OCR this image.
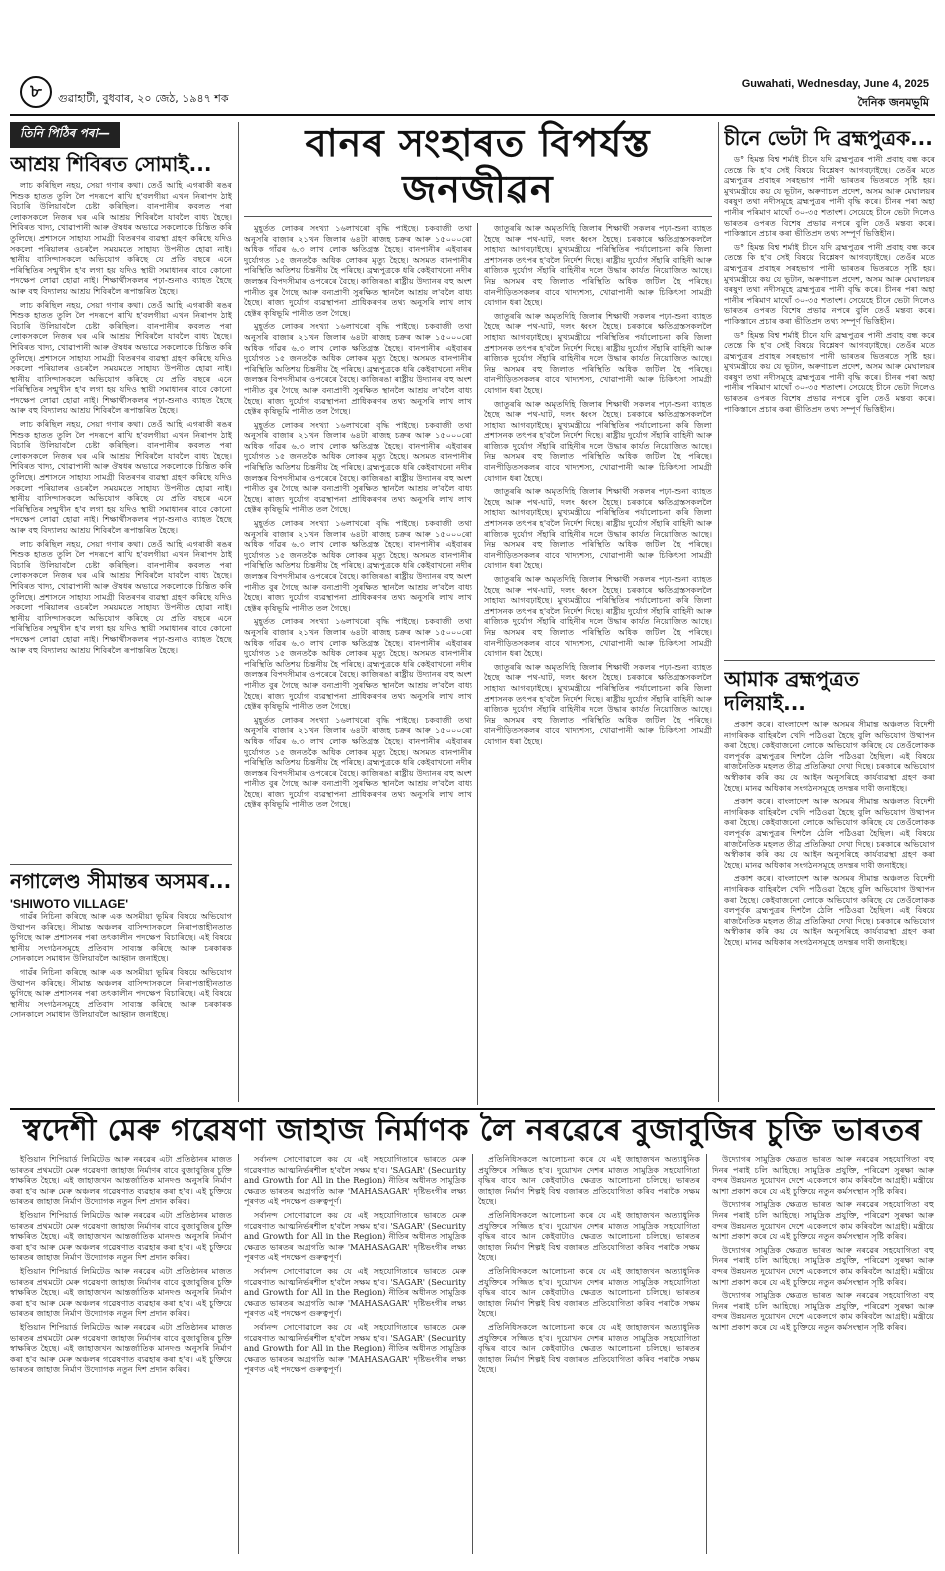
৮	গুৱাহাটী, বুধবাৰ, ২০ জেঠ, ১৯৪৭ শক
Guwahati, Wednesday, June 4, 2025
দৈনিক জনমভূমি
তিনি পিঠিৰ পৰা—
আশ্ৰয় শিবিৰত সোমাই...

লাচ কৰিছিল নহয়, সেয়া গণাৰ কথা। তেওঁ আহি এগৰাকী ৰঙৰ শিশুক হাতত তুলি লৈ পদৰূপে ৰাখি হ'বলগীয়া এখন নিৰাপদ ঠাই বিচাৰি উলিয়াবলৈ চেষ্টা কৰিছিল। বানপানীৰ কবলত পৰা লোকসকলে নিজৰ ঘৰ এৰি আশ্ৰয় শিবিৰলৈ যাবলৈ বাধ্য হৈছে। শিবিৰত খাদ্য, খোৱাপানী আৰু ঔষধৰ অভাৱে সকলোকে চিন্তিত কৰি তুলিছে। প্ৰশাসনে সাহায্য সামগ্ৰী বিতৰণৰ ব্যৱস্থা গ্ৰহণ কৰিছে যদিও সকলো পৰিয়ালৰ ওচৰলৈ সময়মতে সাহায্য উপনীত হোৱা নাই। স্থানীয় বাসিন্দাসকলে অভিযোগ কৰিছে যে প্ৰতি বছৰে এনে পৰিস্থিতিৰ সন্মুখীন হ'ব লগা হয় যদিও স্থায়ী সমাধানৰ বাবে কোনো পদক্ষেপ লোৱা হোৱা নাই। শিক্ষাৰ্থীসকলৰ পঢ়া-শুনাও ব্যাহত হৈছে আৰু বহু বিদ্যালয় আশ্ৰয় শিবিৰলৈ ৰূপান্তৰিত হৈছে।

লাচ কৰিছিল নহয়, সেয়া গণাৰ কথা। তেওঁ আহি এগৰাকী ৰঙৰ শিশুক হাতত তুলি লৈ পদৰূপে ৰাখি হ'বলগীয়া এখন নিৰাপদ ঠাই বিচাৰি উলিয়াবলৈ চেষ্টা কৰিছিল। বানপানীৰ কবলত পৰা লোকসকলে নিজৰ ঘৰ এৰি আশ্ৰয় শিবিৰলৈ যাবলৈ বাধ্য হৈছে। শিবিৰত খাদ্য, খোৱাপানী আৰু ঔষধৰ অভাৱে সকলোকে চিন্তিত কৰি তুলিছে। প্ৰশাসনে সাহায্য সামগ্ৰী বিতৰণৰ ব্যৱস্থা গ্ৰহণ কৰিছে যদিও সকলো পৰিয়ালৰ ওচৰলৈ সময়মতে সাহায্য উপনীত হোৱা নাই। স্থানীয় বাসিন্দাসকলে অভিযোগ কৰিছে যে প্ৰতি বছৰে এনে পৰিস্থিতিৰ সন্মুখীন হ'ব লগা হয় যদিও স্থায়ী সমাধানৰ বাবে কোনো পদক্ষেপ লোৱা হোৱা নাই। শিক্ষাৰ্থীসকলৰ পঢ়া-শুনাও ব্যাহত হৈছে আৰু বহু বিদ্যালয় আশ্ৰয় শিবিৰলৈ ৰূপান্তৰিত হৈছে।

লাচ কৰিছিল নহয়, সেয়া গণাৰ কথা। তেওঁ আহি এগৰাকী ৰঙৰ শিশুক হাতত তুলি লৈ পদৰূপে ৰাখি হ'বলগীয়া এখন নিৰাপদ ঠাই বিচাৰি উলিয়াবলৈ চেষ্টা কৰিছিল। বানপানীৰ কবলত পৰা লোকসকলে নিজৰ ঘৰ এৰি আশ্ৰয় শিবিৰলৈ যাবলৈ বাধ্য হৈছে। শিবিৰত খাদ্য, খোৱাপানী আৰু ঔষধৰ অভাৱে সকলোকে চিন্তিত কৰি তুলিছে। প্ৰশাসনে সাহায্য সামগ্ৰী বিতৰণৰ ব্যৱস্থা গ্ৰহণ কৰিছে যদিও সকলো পৰিয়ালৰ ওচৰলৈ সময়মতে সাহায্য উপনীত হোৱা নাই। স্থানীয় বাসিন্দাসকলে অভিযোগ কৰিছে যে প্ৰতি বছৰে এনে পৰিস্থিতিৰ সন্মুখীন হ'ব লগা হয় যদিও স্থায়ী সমাধানৰ বাবে কোনো পদক্ষেপ লোৱা হোৱা নাই। শিক্ষাৰ্থীসকলৰ পঢ়া-শুনাও ব্যাহত হৈছে আৰু বহু বিদ্যালয় আশ্ৰয় শিবিৰলৈ ৰূপান্তৰিত হৈছে।

লাচ কৰিছিল নহয়, সেয়া গণাৰ কথা। তেওঁ আহি এগৰাকী ৰঙৰ শিশুক হাতত তুলি লৈ পদৰূপে ৰাখি হ'বলগীয়া এখন নিৰাপদ ঠাই বিচাৰি উলিয়াবলৈ চেষ্টা কৰিছিল। বানপানীৰ কবলত পৰা লোকসকলে নিজৰ ঘৰ এৰি আশ্ৰয় শিবিৰলৈ যাবলৈ বাধ্য হৈছে। শিবিৰত খাদ্য, খোৱাপানী আৰু ঔষধৰ অভাৱে সকলোকে চিন্তিত কৰি তুলিছে। প্ৰশাসনে সাহায্য সামগ্ৰী বিতৰণৰ ব্যৱস্থা গ্ৰহণ কৰিছে যদিও সকলো পৰিয়ালৰ ওচৰলৈ সময়মতে সাহায্য উপনীত হোৱা নাই। স্থানীয় বাসিন্দাসকলে অভিযোগ কৰিছে যে প্ৰতি বছৰে এনে পৰিস্থিতিৰ সন্মুখীন হ'ব লগা হয় যদিও স্থায়ী সমাধানৰ বাবে কোনো পদক্ষেপ লোৱা হোৱা নাই। শিক্ষাৰ্থীসকলৰ পঢ়া-শুনাও ব্যাহত হৈছে আৰু বহু বিদ্যালয় আশ্ৰয় শিবিৰলৈ ৰূপান্তৰিত হৈছে।

নগালেণ্ড সীমান্তৰ অসমৰ...
'SHIWOTO VILLAGE'

গাৱঁৰ নিচিনা কৰিছে আৰু এক অসমীয়া ভূমিৰ বিষয়ে অভিযোগ উত্থাপন কৰিছে। সীমান্ত অঞ্চলৰ বাসিন্দাসকলে নিৰাপত্তাহীনতাত ভুগিছে আৰু প্ৰশাসনৰ পৰা তৎকালীন পদক্ষেপ বিচাৰিছে। এই বিষয়ে স্থানীয় সংগঠনসমূহে প্ৰতিবাদ সাব্যস্ত কৰিছে আৰু চৰকাৰক সোনকালে সমাধান উলিয়াবলৈ আহ্বান জনাইছে।

গাৱঁৰ নিচিনা কৰিছে আৰু এক অসমীয়া ভূমিৰ বিষয়ে অভিযোগ উত্থাপন কৰিছে। সীমান্ত অঞ্চলৰ বাসিন্দাসকলে নিৰাপত্তাহীনতাত ভুগিছে আৰু প্ৰশাসনৰ পৰা তৎকালীন পদক্ষেপ বিচাৰিছে। এই বিষয়ে স্থানীয় সংগঠনসমূহে প্ৰতিবাদ সাব্যস্ত কৰিছে আৰু চৰকাৰক সোনকালে সমাধান উলিয়াবলৈ আহ্বান জনাইছে।

বানৰ সংহাৰত বিপৰ্যস্ত জনজীৱন

মুহূৰ্তত লোকৰ সংখ্যা ১৬লাখৰো বৃদ্ধি পাইছে। চকবাজী তথা অনুসৰি বাজাৰ ২১খন জিলাৰ ৬৪টা ৰাজহ চক্ৰৰ আৰু ১৫০০০ৰো অধিক গাঁৱৰ ৬.৩ লাখ লোক ক্ষতিগ্ৰস্ত হৈছে। বানপানীৰ এইবাৰৰ দুৰ্যোগত ১৫ জনতকৈ অধিক লোকৰ মৃত্যু হৈছে। অসমত বানপানীৰ পৰিস্থিতি অতিশয় চিন্তনীয় হৈ পৰিছে। ব্ৰহ্মপুত্ৰকে ধৰি কেইবাখনো নদীৰ জলস্তৰ বিপদসীমাৰ ওপৰেৰে বৈছে। কাজিৰঙা ৰাষ্ট্ৰীয় উদ্যানৰ বহু অংশ পানীত বুৰ গৈছে আৰু বন্যপ্ৰাণী সুৰক্ষিত স্থানলৈ আশ্ৰয় ল'বলৈ বাধ্য হৈছে। ৰাজ্য দুৰ্যোগ ব্যৱস্থাপনা প্ৰাধিকৰণৰ তথ্য অনুসৰি লাখ লাখ হেক্টৰ কৃষিভূমি পানীত তল গৈছে।

মুহূৰ্তত লোকৰ সংখ্যা ১৬লাখৰো বৃদ্ধি পাইছে। চকবাজী তথা অনুসৰি বাজাৰ ২১খন জিলাৰ ৬৪টা ৰাজহ চক্ৰৰ আৰু ১৫০০০ৰো অধিক গাঁৱৰ ৬.৩ লাখ লোক ক্ষতিগ্ৰস্ত হৈছে। বানপানীৰ এইবাৰৰ দুৰ্যোগত ১৫ জনতকৈ অধিক লোকৰ মৃত্যু হৈছে। অসমত বানপানীৰ পৰিস্থিতি অতিশয় চিন্তনীয় হৈ পৰিছে। ব্ৰহ্মপুত্ৰকে ধৰি কেইবাখনো নদীৰ জলস্তৰ বিপদসীমাৰ ওপৰেৰে বৈছে। কাজিৰঙা ৰাষ্ট্ৰীয় উদ্যানৰ বহু অংশ পানীত বুৰ গৈছে আৰু বন্যপ্ৰাণী সুৰক্ষিত স্থানলৈ আশ্ৰয় ল'বলৈ বাধ্য হৈছে। ৰাজ্য দুৰ্যোগ ব্যৱস্থাপনা প্ৰাধিকৰণৰ তথ্য অনুসৰি লাখ লাখ হেক্টৰ কৃষিভূমি পানীত তল গৈছে।

মুহূৰ্তত লোকৰ সংখ্যা ১৬লাখৰো বৃদ্ধি পাইছে। চকবাজী তথা অনুসৰি বাজাৰ ২১খন জিলাৰ ৬৪টা ৰাজহ চক্ৰৰ আৰু ১৫০০০ৰো অধিক গাঁৱৰ ৬.৩ লাখ লোক ক্ষতিগ্ৰস্ত হৈছে। বানপানীৰ এইবাৰৰ দুৰ্যোগত ১৫ জনতকৈ অধিক লোকৰ মৃত্যু হৈছে। অসমত বানপানীৰ পৰিস্থিতি অতিশয় চিন্তনীয় হৈ পৰিছে। ব্ৰহ্মপুত্ৰকে ধৰি কেইবাখনো নদীৰ জলস্তৰ বিপদসীমাৰ ওপৰেৰে বৈছে। কাজিৰঙা ৰাষ্ট্ৰীয় উদ্যানৰ বহু অংশ পানীত বুৰ গৈছে আৰু বন্যপ্ৰাণী সুৰক্ষিত স্থানলৈ আশ্ৰয় ল'বলৈ বাধ্য হৈছে। ৰাজ্য দুৰ্যোগ ব্যৱস্থাপনা প্ৰাধিকৰণৰ তথ্য অনুসৰি লাখ লাখ হেক্টৰ কৃষিভূমি পানীত তল গৈছে।

মুহূৰ্তত লোকৰ সংখ্যা ১৬লাখৰো বৃদ্ধি পাইছে। চকবাজী তথা অনুসৰি বাজাৰ ২১খন জিলাৰ ৬৪টা ৰাজহ চক্ৰৰ আৰু ১৫০০০ৰো অধিক গাঁৱৰ ৬.৩ লাখ লোক ক্ষতিগ্ৰস্ত হৈছে। বানপানীৰ এইবাৰৰ দুৰ্যোগত ১৫ জনতকৈ অধিক লোকৰ মৃত্যু হৈছে। অসমত বানপানীৰ পৰিস্থিতি অতিশয় চিন্তনীয় হৈ পৰিছে। ব্ৰহ্মপুত্ৰকে ধৰি কেইবাখনো নদীৰ জলস্তৰ বিপদসীমাৰ ওপৰেৰে বৈছে। কাজিৰঙা ৰাষ্ট্ৰীয় উদ্যানৰ বহু অংশ পানীত বুৰ গৈছে আৰু বন্যপ্ৰাণী সুৰক্ষিত স্থানলৈ আশ্ৰয় ল'বলৈ বাধ্য হৈছে। ৰাজ্য দুৰ্যোগ ব্যৱস্থাপনা প্ৰাধিকৰণৰ তথ্য অনুসৰি লাখ লাখ হেক্টৰ কৃষিভূমি পানীত তল গৈছে।

মুহূৰ্তত লোকৰ সংখ্যা ১৬লাখৰো বৃদ্ধি পাইছে। চকবাজী তথা অনুসৰি বাজাৰ ২১খন জিলাৰ ৬৪টা ৰাজহ চক্ৰৰ আৰু ১৫০০০ৰো অধিক গাঁৱৰ ৬.৩ লাখ লোক ক্ষতিগ্ৰস্ত হৈছে। বানপানীৰ এইবাৰৰ দুৰ্যোগত ১৫ জনতকৈ অধিক লোকৰ মৃত্যু হৈছে। অসমত বানপানীৰ পৰিস্থিতি অতিশয় চিন্তনীয় হৈ পৰিছে। ব্ৰহ্মপুত্ৰকে ধৰি কেইবাখনো নদীৰ জলস্তৰ বিপদসীমাৰ ওপৰেৰে বৈছে। কাজিৰঙা ৰাষ্ট্ৰীয় উদ্যানৰ বহু অংশ পানীত বুৰ গৈছে আৰু বন্যপ্ৰাণী সুৰক্ষিত স্থানলৈ আশ্ৰয় ল'বলৈ বাধ্য হৈছে। ৰাজ্য দুৰ্যোগ ব্যৱস্থাপনা প্ৰাধিকৰণৰ তথ্য অনুসৰি লাখ লাখ হেক্টৰ কৃষিভূমি পানীত তল গৈছে।

মুহূৰ্তত লোকৰ সংখ্যা ১৬লাখৰো বৃদ্ধি পাইছে। চকবাজী তথা অনুসৰি বাজাৰ ২১খন জিলাৰ ৬৪টা ৰাজহ চক্ৰৰ আৰু ১৫০০০ৰো অধিক গাঁৱৰ ৬.৩ লাখ লোক ক্ষতিগ্ৰস্ত হৈছে। বানপানীৰ এইবাৰৰ দুৰ্যোগত ১৫ জনতকৈ অধিক লোকৰ মৃত্যু হৈছে। অসমত বানপানীৰ পৰিস্থিতি অতিশয় চিন্তনীয় হৈ পৰিছে। ব্ৰহ্মপুত্ৰকে ধৰি কেইবাখনো নদীৰ জলস্তৰ বিপদসীমাৰ ওপৰেৰে বৈছে। কাজিৰঙা ৰাষ্ট্ৰীয় উদ্যানৰ বহু অংশ পানীত বুৰ গৈছে আৰু বন্যপ্ৰাণী সুৰক্ষিত স্থানলৈ আশ্ৰয় ল'বলৈ বাধ্য হৈছে। ৰাজ্য দুৰ্যোগ ব্যৱস্থাপনা প্ৰাধিকৰণৰ তথ্য অনুসৰি লাখ লাখ হেক্টৰ কৃষিভূমি পানীত তল গৈছে।

জাতুৰৰি আৰু অমৃতদিহি জিলাৰ শিক্ষাৰ্থী সকলৰ পঢ়া-শুনা ব্যাহত হৈছে আৰু পথ-ঘাট, দলং ধ্বংস হৈছে। চৰকাৰে ক্ষতিগ্ৰস্তসকললৈ সাহায্য আগবঢ়াইছে। মুখ্যমন্ত্ৰীয়ে পৰিস্থিতিৰ পৰ্যালোচনা কৰি জিলা প্ৰশাসনক তৎপৰ হ'বলৈ নিৰ্দেশ দিছে। ৰাষ্ট্ৰীয় দুৰ্যোগ সঁহাৰি বাহিনী আৰু ৰাজ্যিক দুৰ্যোগ সঁহাৰি বাহিনীৰ দলে উদ্ধাৰ কাৰ্যত নিয়োজিত আছে। নিম্ন অসমৰ বহু জিলাত পৰিস্থিতি অধিক জটিল হৈ পৰিছে। বানপীড়িতসকলৰ বাবে খাদ্যশস্য, খোৱাপানী আৰু চিকিৎসা সামগ্ৰী যোগান ধৰা হৈছে।

জাতুৰৰি আৰু অমৃতদিহি জিলাৰ শিক্ষাৰ্থী সকলৰ পঢ়া-শুনা ব্যাহত হৈছে আৰু পথ-ঘাট, দলং ধ্বংস হৈছে। চৰকাৰে ক্ষতিগ্ৰস্তসকললৈ সাহায্য আগবঢ়াইছে। মুখ্যমন্ত্ৰীয়ে পৰিস্থিতিৰ পৰ্যালোচনা কৰি জিলা প্ৰশাসনক তৎপৰ হ'বলৈ নিৰ্দেশ দিছে। ৰাষ্ট্ৰীয় দুৰ্যোগ সঁহাৰি বাহিনী আৰু ৰাজ্যিক দুৰ্যোগ সঁহাৰি বাহিনীৰ দলে উদ্ধাৰ কাৰ্যত নিয়োজিত আছে। নিম্ন অসমৰ বহু জিলাত পৰিস্থিতি অধিক জটিল হৈ পৰিছে। বানপীড়িতসকলৰ বাবে খাদ্যশস্য, খোৱাপানী আৰু চিকিৎসা সামগ্ৰী যোগান ধৰা হৈছে।

জাতুৰৰি আৰু অমৃতদিহি জিলাৰ শিক্ষাৰ্থী সকলৰ পঢ়া-শুনা ব্যাহত হৈছে আৰু পথ-ঘাট, দলং ধ্বংস হৈছে। চৰকাৰে ক্ষতিগ্ৰস্তসকললৈ সাহায্য আগবঢ়াইছে। মুখ্যমন্ত্ৰীয়ে পৰিস্থিতিৰ পৰ্যালোচনা কৰি জিলা প্ৰশাসনক তৎপৰ হ'বলৈ নিৰ্দেশ দিছে। ৰাষ্ট্ৰীয় দুৰ্যোগ সঁহাৰি বাহিনী আৰু ৰাজ্যিক দুৰ্যোগ সঁহাৰি বাহিনীৰ দলে উদ্ধাৰ কাৰ্যত নিয়োজিত আছে। নিম্ন অসমৰ বহু জিলাত পৰিস্থিতি অধিক জটিল হৈ পৰিছে। বানপীড়িতসকলৰ বাবে খাদ্যশস্য, খোৱাপানী আৰু চিকিৎসা সামগ্ৰী যোগান ধৰা হৈছে।

জাতুৰৰি আৰু অমৃতদিহি জিলাৰ শিক্ষাৰ্থী সকলৰ পঢ়া-শুনা ব্যাহত হৈছে আৰু পথ-ঘাট, দলং ধ্বংস হৈছে। চৰকাৰে ক্ষতিগ্ৰস্তসকললৈ সাহায্য আগবঢ়াইছে। মুখ্যমন্ত্ৰীয়ে পৰিস্থিতিৰ পৰ্যালোচনা কৰি জিলা প্ৰশাসনক তৎপৰ হ'বলৈ নিৰ্দেশ দিছে। ৰাষ্ট্ৰীয় দুৰ্যোগ সঁহাৰি বাহিনী আৰু ৰাজ্যিক দুৰ্যোগ সঁহাৰি বাহিনীৰ দলে উদ্ধাৰ কাৰ্যত নিয়োজিত আছে। নিম্ন অসমৰ বহু জিলাত পৰিস্থিতি অধিক জটিল হৈ পৰিছে। বানপীড়িতসকলৰ বাবে খাদ্যশস্য, খোৱাপানী আৰু চিকিৎসা সামগ্ৰী যোগান ধৰা হৈছে।

জাতুৰৰি আৰু অমৃতদিহি জিলাৰ শিক্ষাৰ্থী সকলৰ পঢ়া-শুনা ব্যাহত হৈছে আৰু পথ-ঘাট, দলং ধ্বংস হৈছে। চৰকাৰে ক্ষতিগ্ৰস্তসকললৈ সাহায্য আগবঢ়াইছে। মুখ্যমন্ত্ৰীয়ে পৰিস্থিতিৰ পৰ্যালোচনা কৰি জিলা প্ৰশাসনক তৎপৰ হ'বলৈ নিৰ্দেশ দিছে। ৰাষ্ট্ৰীয় দুৰ্যোগ সঁহাৰি বাহিনী আৰু ৰাজ্যিক দুৰ্যোগ সঁহাৰি বাহিনীৰ দলে উদ্ধাৰ কাৰ্যত নিয়োজিত আছে। নিম্ন অসমৰ বহু জিলাত পৰিস্থিতি অধিক জটিল হৈ পৰিছে। বানপীড়িতসকলৰ বাবে খাদ্যশস্য, খোৱাপানী আৰু চিকিৎসা সামগ্ৰী যোগান ধৰা হৈছে।

জাতুৰৰি আৰু অমৃতদিহি জিলাৰ শিক্ষাৰ্থী সকলৰ পঢ়া-শুনা ব্যাহত হৈছে আৰু পথ-ঘাট, দলং ধ্বংস হৈছে। চৰকাৰে ক্ষতিগ্ৰস্তসকললৈ সাহায্য আগবঢ়াইছে। মুখ্যমন্ত্ৰীয়ে পৰিস্থিতিৰ পৰ্যালোচনা কৰি জিলা প্ৰশাসনক তৎপৰ হ'বলৈ নিৰ্দেশ দিছে। ৰাষ্ট্ৰীয় দুৰ্যোগ সঁহাৰি বাহিনী আৰু ৰাজ্যিক দুৰ্যোগ সঁহাৰি বাহিনীৰ দলে উদ্ধাৰ কাৰ্যত নিয়োজিত আছে। নিম্ন অসমৰ বহু জিলাত পৰিস্থিতি অধিক জটিল হৈ পৰিছে। বানপীড়িতসকলৰ বাবে খাদ্যশস্য, খোৱাপানী আৰু চিকিৎসা সামগ্ৰী যোগান ধৰা হৈছে।

চীনে ভেটা দি ব্ৰহ্মপুত্ৰক...

ড° হিমন্ত বিশ্ব শৰ্মাই চীনে যদি ব্ৰহ্মপুত্ৰৰ পানী প্ৰবাহ বন্ধ কৰে তেন্তে কি হ'ব সেই বিষয়ে বিশ্লেষণ আগবঢ়াইছে। তেওঁৰ মতে ব্ৰহ্মপুত্ৰৰ প্ৰবাহৰ সৰহভাগ পানী ভাৰতৰ ভিতৰতে সৃষ্টি হয়। মুখ্যমন্ত্ৰীয়ে কয় যে ভূটান, অৰুণাচল প্ৰদেশ, অসম আৰু মেঘালয়ৰ বৰষুণ তথা নদীসমূহে ব্ৰহ্মপুত্ৰৰ পানী বৃদ্ধি কৰে। চীনৰ পৰা অহা পানীৰ পৰিমাণ মাথোঁ ৩০-৩৫ শতাংশ। সেয়েহে চীনে ভেটা দিলেও ভাৰতৰ ওপৰত বিশেষ প্ৰভাৱ নপৰে বুলি তেওঁ মন্তব্য কৰে। পাকিস্তানে প্ৰচাৰ কৰা ভীতিপ্ৰদ তথ্য সম্পূৰ্ণ ভিত্তিহীন।

ড° হিমন্ত বিশ্ব শৰ্মাই চীনে যদি ব্ৰহ্মপুত্ৰৰ পানী প্ৰবাহ বন্ধ কৰে তেন্তে কি হ'ব সেই বিষয়ে বিশ্লেষণ আগবঢ়াইছে। তেওঁৰ মতে ব্ৰহ্মপুত্ৰৰ প্ৰবাহৰ সৰহভাগ পানী ভাৰতৰ ভিতৰতে সৃষ্টি হয়। মুখ্যমন্ত্ৰীয়ে কয় যে ভূটান, অৰুণাচল প্ৰদেশ, অসম আৰু মেঘালয়ৰ বৰষুণ তথা নদীসমূহে ব্ৰহ্মপুত্ৰৰ পানী বৃদ্ধি কৰে। চীনৰ পৰা অহা পানীৰ পৰিমাণ মাথোঁ ৩০-৩৫ শতাংশ। সেয়েহে চীনে ভেটা দিলেও ভাৰতৰ ওপৰত বিশেষ প্ৰভাৱ নপৰে বুলি তেওঁ মন্তব্য কৰে। পাকিস্তানে প্ৰচাৰ কৰা ভীতিপ্ৰদ তথ্য সম্পূৰ্ণ ভিত্তিহীন।

ড° হিমন্ত বিশ্ব শৰ্মাই চীনে যদি ব্ৰহ্মপুত্ৰৰ পানী প্ৰবাহ বন্ধ কৰে তেন্তে কি হ'ব সেই বিষয়ে বিশ্লেষণ আগবঢ়াইছে। তেওঁৰ মতে ব্ৰহ্মপুত্ৰৰ প্ৰবাহৰ সৰহভাগ পানী ভাৰতৰ ভিতৰতে সৃষ্টি হয়। মুখ্যমন্ত্ৰীয়ে কয় যে ভূটান, অৰুণাচল প্ৰদেশ, অসম আৰু মেঘালয়ৰ বৰষুণ তথা নদীসমূহে ব্ৰহ্মপুত্ৰৰ পানী বৃদ্ধি কৰে। চীনৰ পৰা অহা পানীৰ পৰিমাণ মাথোঁ ৩০-৩৫ শতাংশ। সেয়েহে চীনে ভেটা দিলেও ভাৰতৰ ওপৰত বিশেষ প্ৰভাৱ নপৰে বুলি তেওঁ মন্তব্য কৰে। পাকিস্তানে প্ৰচাৰ কৰা ভীতিপ্ৰদ তথ্য সম্পূৰ্ণ ভিত্তিহীন।

আমাক ব্ৰহ্মপুত্ৰত দলিয়াই...

প্ৰকাশ কৰে। বাংলাদেশ আৰু অসমৰ সীমান্ত অঞ্চলত বিদেশী নাগৰিকক বাহিৰলৈ খেদি পঠিওৱা হৈছে বুলি অভিযোগ উত্থাপন কৰা হৈছে। কেইবাজনো লোকে অভিযোগ কৰিছে যে তেওঁলোকক বলপূৰ্বক ব্ৰহ্মপুত্ৰৰ দিশলৈ ঠেলি পঠিওৱা হৈছিল। এই বিষয়ে ৰাজনৈতিক মহলত তীব্ৰ প্ৰতিক্ৰিয়া দেখা দিছে। চৰকাৰে অভিযোগ অস্বীকাৰ কৰি কয় যে আইন অনুসৰিহে কাৰ্যব্যৱস্থা গ্ৰহণ কৰা হৈছে। মানৱ অধিকাৰ সংগঠনসমূহে তদন্তৰ দাবী জনাইছে।

প্ৰকাশ কৰে। বাংলাদেশ আৰু অসমৰ সীমান্ত অঞ্চলত বিদেশী নাগৰিকক বাহিৰলৈ খেদি পঠিওৱা হৈছে বুলি অভিযোগ উত্থাপন কৰা হৈছে। কেইবাজনো লোকে অভিযোগ কৰিছে যে তেওঁলোকক বলপূৰ্বক ব্ৰহ্মপুত্ৰৰ দিশলৈ ঠেলি পঠিওৱা হৈছিল। এই বিষয়ে ৰাজনৈতিক মহলত তীব্ৰ প্ৰতিক্ৰিয়া দেখা দিছে। চৰকাৰে অভিযোগ অস্বীকাৰ কৰি কয় যে আইন অনুসৰিহে কাৰ্যব্যৱস্থা গ্ৰহণ কৰা হৈছে। মানৱ অধিকাৰ সংগঠনসমূহে তদন্তৰ দাবী জনাইছে।

প্ৰকাশ কৰে। বাংলাদেশ আৰু অসমৰ সীমান্ত অঞ্চলত বিদেশী নাগৰিকক বাহিৰলৈ খেদি পঠিওৱা হৈছে বুলি অভিযোগ উত্থাপন কৰা হৈছে। কেইবাজনো লোকে অভিযোগ কৰিছে যে তেওঁলোকক বলপূৰ্বক ব্ৰহ্মপুত্ৰৰ দিশলৈ ঠেলি পঠিওৱা হৈছিল। এই বিষয়ে ৰাজনৈতিক মহলত তীব্ৰ প্ৰতিক্ৰিয়া দেখা দিছে। চৰকাৰে অভিযোগ অস্বীকাৰ কৰি কয় যে আইন অনুসৰিহে কাৰ্যব্যৱস্থা গ্ৰহণ কৰা হৈছে। মানৱ অধিকাৰ সংগঠনসমূহে তদন্তৰ দাবী জনাইছে।

স্বদেশী মেৰু গৱেষণা জাহাজ নিৰ্মাণক লৈ নৰৱেৰে বুজাবুজিৰ চুক্তি ভাৰতৰ

ইণ্ডিয়ান শিপিয়াৰ্ড লিমিটেড আৰু নৰৱেৰ এটা প্ৰতিষ্ঠানৰ মাজত ভাৰতৰ প্ৰথমটো মেৰু গৱেষণা জাহাজ নিৰ্মাণৰ বাবে বুজাবুজিৰ চুক্তি স্বাক্ষৰিত হৈছে। এই জাহাজখন আন্তৰ্জাতিক মানদণ্ড অনুসৰি নিৰ্মাণ কৰা হ'ব আৰু মেৰু অঞ্চলৰ গৱেষণাত ব্যৱহাৰ কৰা হ'ব। এই চুক্তিয়ে ভাৰতৰ জাহাজ নিৰ্মাণ উদ্যোগক নতুন দিশ প্ৰদান কৰিব।

ইণ্ডিয়ান শিপিয়াৰ্ড লিমিটেড আৰু নৰৱেৰ এটা প্ৰতিষ্ঠানৰ মাজত ভাৰতৰ প্ৰথমটো মেৰু গৱেষণা জাহাজ নিৰ্মাণৰ বাবে বুজাবুজিৰ চুক্তি স্বাক্ষৰিত হৈছে। এই জাহাজখন আন্তৰ্জাতিক মানদণ্ড অনুসৰি নিৰ্মাণ কৰা হ'ব আৰু মেৰু অঞ্চলৰ গৱেষণাত ব্যৱহাৰ কৰা হ'ব। এই চুক্তিয়ে ভাৰতৰ জাহাজ নিৰ্মাণ উদ্যোগক নতুন দিশ প্ৰদান কৰিব।

ইণ্ডিয়ান শিপিয়াৰ্ড লিমিটেড আৰু নৰৱেৰ এটা প্ৰতিষ্ঠানৰ মাজত ভাৰতৰ প্ৰথমটো মেৰু গৱেষণা জাহাজ নিৰ্মাণৰ বাবে বুজাবুজিৰ চুক্তি স্বাক্ষৰিত হৈছে। এই জাহাজখন আন্তৰ্জাতিক মানদণ্ড অনুসৰি নিৰ্মাণ কৰা হ'ব আৰু মেৰু অঞ্চলৰ গৱেষণাত ব্যৱহাৰ কৰা হ'ব। এই চুক্তিয়ে ভাৰতৰ জাহাজ নিৰ্মাণ উদ্যোগক নতুন দিশ প্ৰদান কৰিব।

ইণ্ডিয়ান শিপিয়াৰ্ড লিমিটেড আৰু নৰৱেৰ এটা প্ৰতিষ্ঠানৰ মাজত ভাৰতৰ প্ৰথমটো মেৰু গৱেষণা জাহাজ নিৰ্মাণৰ বাবে বুজাবুজিৰ চুক্তি স্বাক্ষৰিত হৈছে। এই জাহাজখন আন্তৰ্জাতিক মানদণ্ড অনুসৰি নিৰ্মাণ কৰা হ'ব আৰু মেৰু অঞ্চলৰ গৱেষণাত ব্যৱহাৰ কৰা হ'ব। এই চুক্তিয়ে ভাৰতৰ জাহাজ নিৰ্মাণ উদ্যোগক নতুন দিশ প্ৰদান কৰিব।

সৰ্বানন্দ সোণোৱালে কয় যে এই সহযোগিতাৰে ভাৰতে মেৰু গৱেষণাত আত্মনিৰ্ভৰশীল হ'বলৈ সক্ষম হ'ব। 'SAGAR' (Security and Growth for All in the Region) নীতিৰ অধীনত সামুদ্ৰিক ক্ষেত্ৰত ভাৰতৰ অগ্ৰগতি আৰু 'MAHASAGAR' দৃষ্টিভংগীৰ লক্ষ্য পূৰণত এই পদক্ষেপ গুৰুত্বপূৰ্ণ।

সৰ্বানন্দ সোণোৱালে কয় যে এই সহযোগিতাৰে ভাৰতে মেৰু গৱেষণাত আত্মনিৰ্ভৰশীল হ'বলৈ সক্ষম হ'ব। 'SAGAR' (Security and Growth for All in the Region) নীতিৰ অধীনত সামুদ্ৰিক ক্ষেত্ৰত ভাৰতৰ অগ্ৰগতি আৰু 'MAHASAGAR' দৃষ্টিভংগীৰ লক্ষ্য পূৰণত এই পদক্ষেপ গুৰুত্বপূৰ্ণ।

সৰ্বানন্দ সোণোৱালে কয় যে এই সহযোগিতাৰে ভাৰতে মেৰু গৱেষণাত আত্মনিৰ্ভৰশীল হ'বলৈ সক্ষম হ'ব। 'SAGAR' (Security and Growth for All in the Region) নীতিৰ অধীনত সামুদ্ৰিক ক্ষেত্ৰত ভাৰতৰ অগ্ৰগতি আৰু 'MAHASAGAR' দৃষ্টিভংগীৰ লক্ষ্য পূৰণত এই পদক্ষেপ গুৰুত্বপূৰ্ণ।

সৰ্বানন্দ সোণোৱালে কয় যে এই সহযোগিতাৰে ভাৰতে মেৰু গৱেষণাত আত্মনিৰ্ভৰশীল হ'বলৈ সক্ষম হ'ব। 'SAGAR' (Security and Growth for All in the Region) নীতিৰ অধীনত সামুদ্ৰিক ক্ষেত্ৰত ভাৰতৰ অগ্ৰগতি আৰু 'MAHASAGAR' দৃষ্টিভংগীৰ লক্ষ্য পূৰণত এই পদক্ষেপ গুৰুত্বপূৰ্ণ।

প্ৰতিনিধিসকলে আলোচনা কৰে যে এই জাহাজখন অত্যাধুনিক প্ৰযুক্তিৰে সজ্জিত হ'ব। দুয়োখন দেশৰ মাজত সামুদ্ৰিক সহযোগিতা বৃদ্ধিৰ বাবে আন কেইবাটাও ক্ষেত্ৰত আলোচনা চলিছে। ভাৰতৰ জাহাজ নিৰ্মাণ শিল্পই বিশ্ব বজাৰত প্ৰতিযোগিতা কৰিব পৰাকৈ সক্ষম হৈছে।

প্ৰতিনিধিসকলে আলোচনা কৰে যে এই জাহাজখন অত্যাধুনিক প্ৰযুক্তিৰে সজ্জিত হ'ব। দুয়োখন দেশৰ মাজত সামুদ্ৰিক সহযোগিতা বৃদ্ধিৰ বাবে আন কেইবাটাও ক্ষেত্ৰত আলোচনা চলিছে। ভাৰতৰ জাহাজ নিৰ্মাণ শিল্পই বিশ্ব বজাৰত প্ৰতিযোগিতা কৰিব পৰাকৈ সক্ষম হৈছে।

প্ৰতিনিধিসকলে আলোচনা কৰে যে এই জাহাজখন অত্যাধুনিক প্ৰযুক্তিৰে সজ্জিত হ'ব। দুয়োখন দেশৰ মাজত সামুদ্ৰিক সহযোগিতা বৃদ্ধিৰ বাবে আন কেইবাটাও ক্ষেত্ৰত আলোচনা চলিছে। ভাৰতৰ জাহাজ নিৰ্মাণ শিল্পই বিশ্ব বজাৰত প্ৰতিযোগিতা কৰিব পৰাকৈ সক্ষম হৈছে।

প্ৰতিনিধিসকলে আলোচনা কৰে যে এই জাহাজখন অত্যাধুনিক প্ৰযুক্তিৰে সজ্জিত হ'ব। দুয়োখন দেশৰ মাজত সামুদ্ৰিক সহযোগিতা বৃদ্ধিৰ বাবে আন কেইবাটাও ক্ষেত্ৰত আলোচনা চলিছে। ভাৰতৰ জাহাজ নিৰ্মাণ শিল্পই বিশ্ব বজাৰত প্ৰতিযোগিতা কৰিব পৰাকৈ সক্ষম হৈছে।

উদ্যোগৰ সামুদ্ৰিক ক্ষেত্ৰত ভাৰত আৰু নৰৱেৰ সহযোগিতা বহু দিনৰ পৰাই চলি আহিছে। সামুদ্ৰিক প্ৰযুক্তি, পৰিৱেশ সুৰক্ষা আৰু বন্দৰ উন্নয়নত দুয়োখন দেশে একেলগে কাম কৰিবলৈ আগ্ৰহী। মন্ত্ৰীয়ে আশা প্ৰকাশ কৰে যে এই চুক্তিয়ে নতুন কৰ্মসংস্থান সৃষ্টি কৰিব।

উদ্যোগৰ সামুদ্ৰিক ক্ষেত্ৰত ভাৰত আৰু নৰৱেৰ সহযোগিতা বহু দিনৰ পৰাই চলি আহিছে। সামুদ্ৰিক প্ৰযুক্তি, পৰিৱেশ সুৰক্ষা আৰু বন্দৰ উন্নয়নত দুয়োখন দেশে একেলগে কাম কৰিবলৈ আগ্ৰহী। মন্ত্ৰীয়ে আশা প্ৰকাশ কৰে যে এই চুক্তিয়ে নতুন কৰ্মসংস্থান সৃষ্টি কৰিব।

উদ্যোগৰ সামুদ্ৰিক ক্ষেত্ৰত ভাৰত আৰু নৰৱেৰ সহযোগিতা বহু দিনৰ পৰাই চলি আহিছে। সামুদ্ৰিক প্ৰযুক্তি, পৰিৱেশ সুৰক্ষা আৰু বন্দৰ উন্নয়নত দুয়োখন দেশে একেলগে কাম কৰিবলৈ আগ্ৰহী। মন্ত্ৰীয়ে আশা প্ৰকাশ কৰে যে এই চুক্তিয়ে নতুন কৰ্মসংস্থান সৃষ্টি কৰিব।

উদ্যোগৰ সামুদ্ৰিক ক্ষেত্ৰত ভাৰত আৰু নৰৱেৰ সহযোগিতা বহু দিনৰ পৰাই চলি আহিছে। সামুদ্ৰিক প্ৰযুক্তি, পৰিৱেশ সুৰক্ষা আৰু বন্দৰ উন্নয়নত দুয়োখন দেশে একেলগে কাম কৰিবলৈ আগ্ৰহী। মন্ত্ৰীয়ে আশা প্ৰকাশ কৰে যে এই চুক্তিয়ে নতুন কৰ্মসংস্থান সৃষ্টি কৰিব।
